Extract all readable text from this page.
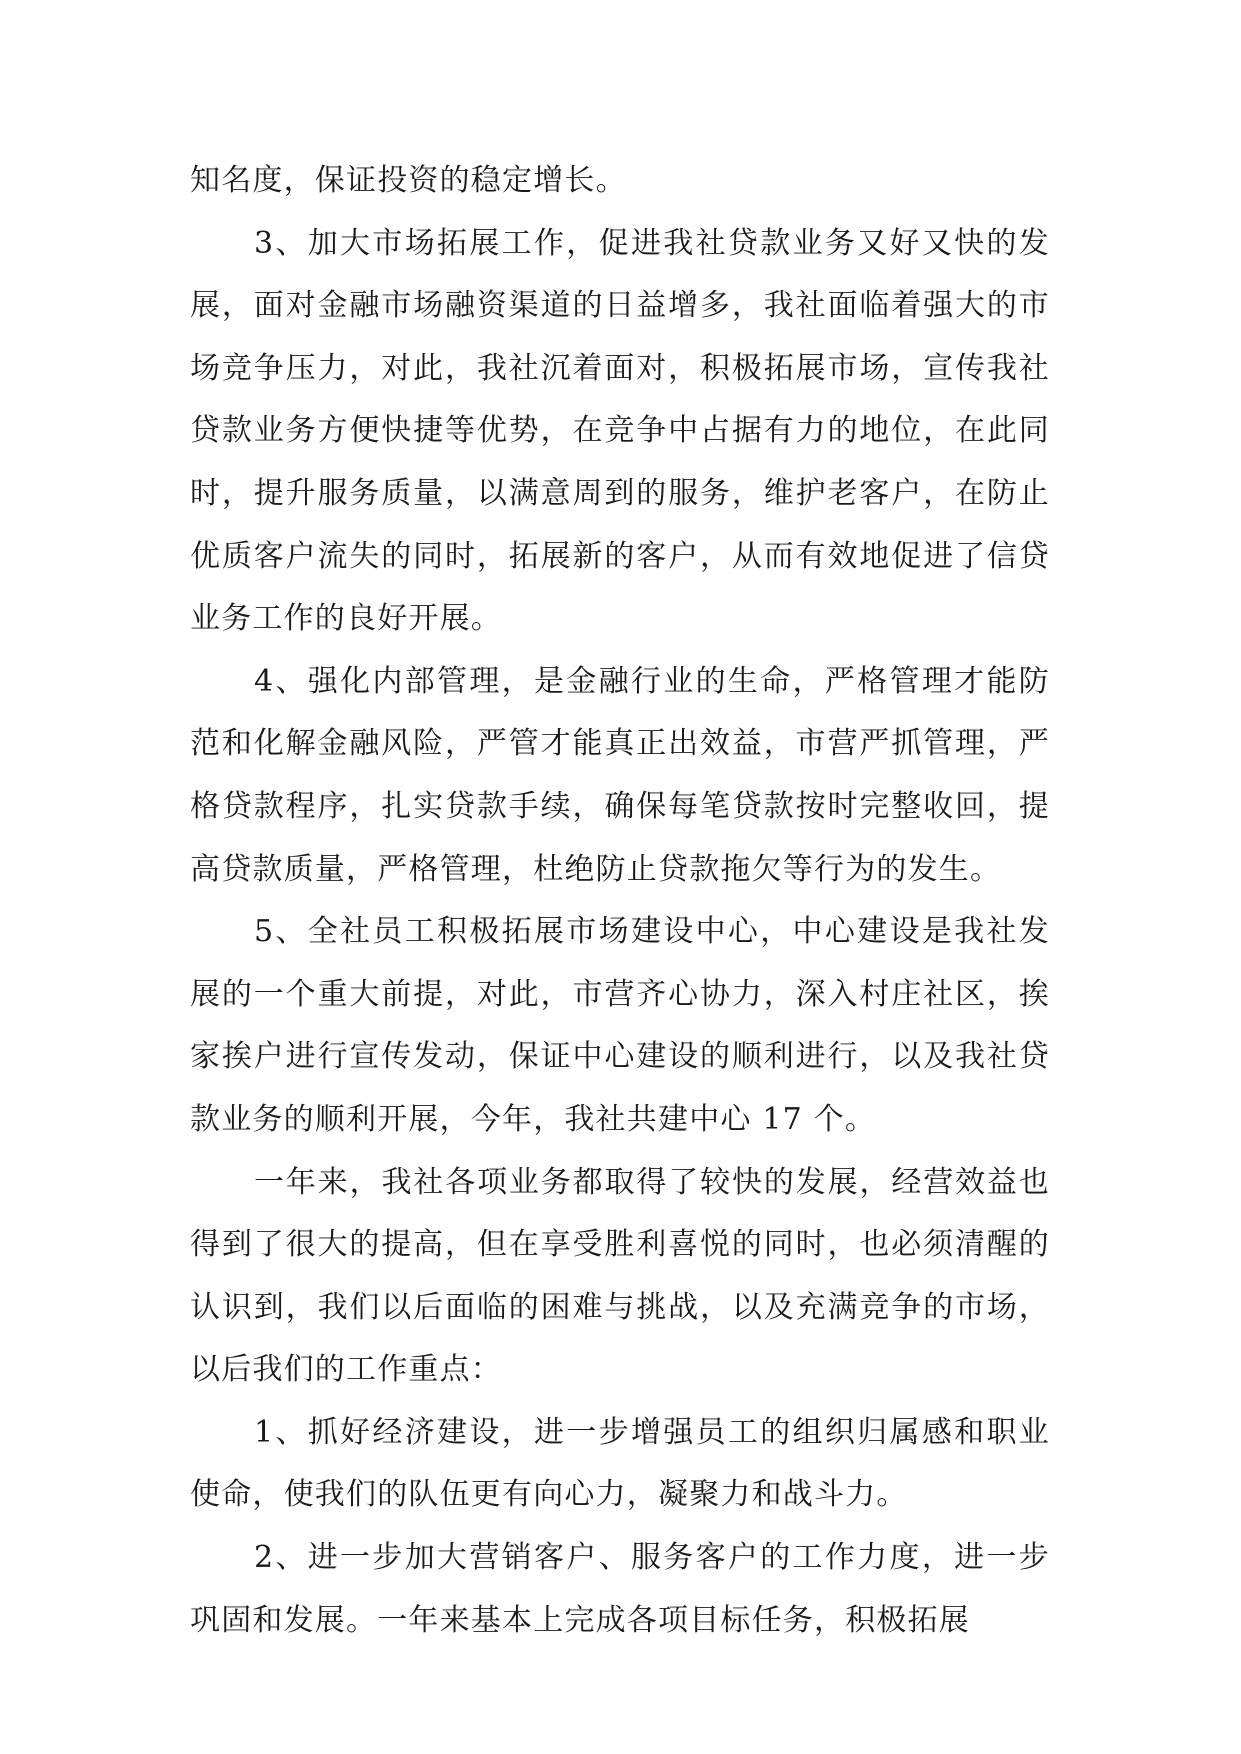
知名度，保证投资的稳定增长。

3、加大市场拓展工作，促进我社贷款业务又好又快的发展，面对金融市场融资渠道的日益增多，我社面临着强大的市场竞争压力，对此，我社沉着面对，积极拓展市场，宣传我社贷款业务方便快捷等优势，在竞争中占据有力的地位，在此同时，提升服务质量，以满意周到的服务，维护老客户，在防止优质客户流失的同时，拓展新的客户，从而有效地促进了信贷业务工作的良好开展。

4、强化内部管理，是金融行业的生命，严格管理才能防范和化解金融风险，严管才能真正出效益，市营严抓管理，严格贷款程序，扎实贷款手续，确保每笔贷款按时完整收回，提高贷款质量，严格管理，杜绝防止贷款拖欠等行为的发生。

5、全社员工积极拓展市场建设中心，中心建设是我社发展的一个重大前提，对此，市营齐心协力，深入村庄社区，挨家挨户进行宣传发动，保证中心建设的顺利进行，以及我社贷款业务的顺利开展，今年，我社共建中心 17 个。

一年来，我社各项业务都取得了较快的发展，经营效益也得到了很大的提高，但在享受胜利喜悦的同时，也必须清醒的认识到，我们以后面临的困难与挑战，以及充满竞争的市场，以后我们的工作重点：

1、抓好经济建设，进一步增强员工的组织归属感和职业使命，使我们的队伍更有向心力，凝聚力和战斗力。

2、进一步加大营销客户、服务客户的工作力度，进一步巩固和发展。一年来基本上完成各项目标任务，积极拓展
